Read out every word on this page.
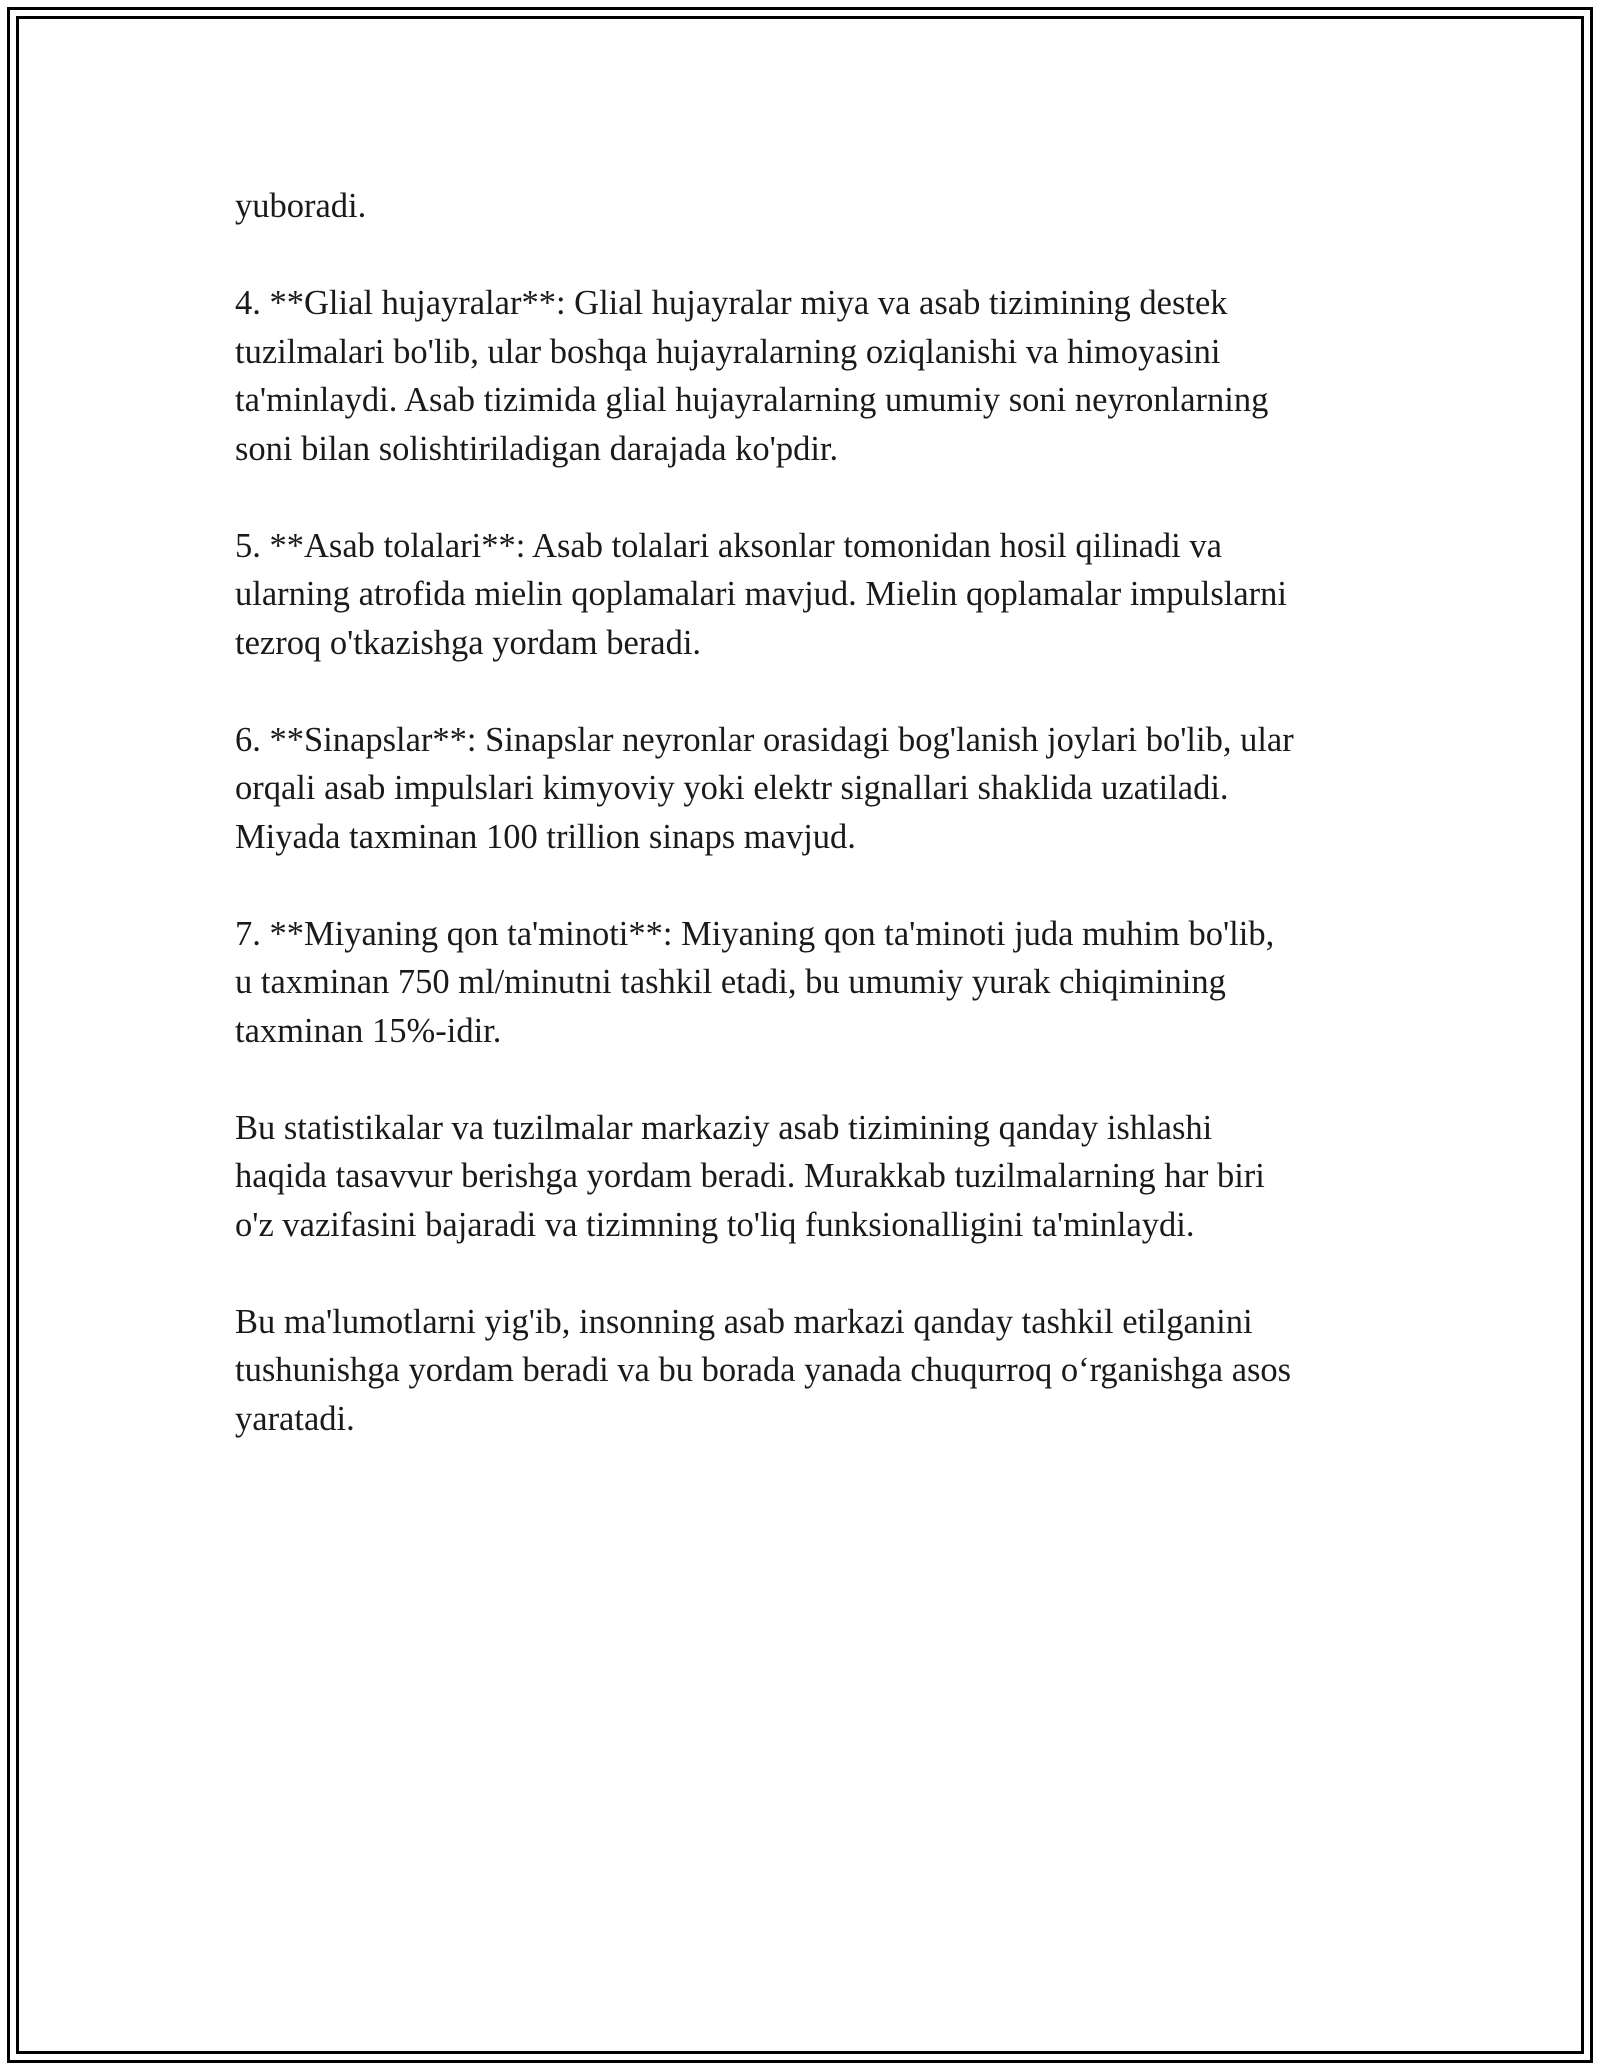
yuboradi.

4. **Glial hujayralar**: Glial hujayralar miya va asab tizimining destek
tuzilmalari bo'lib, ular boshqa hujayralarning oziqlanishi va himoyasini
ta'minlaydi. Asab tizimida glial hujayralarning umumiy soni neyronlarning
soni bilan solishtiriladigan darajada ko'pdir.

5. **Asab tolalari**: Asab tolalari aksonlar tomonidan hosil qilinadi va
ularning atrofida mielin qoplamalari mavjud. Mielin qoplamalar impulslarni
tezroq o'tkazishga yordam beradi.

6. **Sinapslar**: Sinapslar neyronlar orasidagi bog'lanish joylari bo'lib, ular
orqali asab impulslari kimyoviy yoki elektr signallari shaklida uzatiladi.
Miyada taxminan 100 trillion sinaps mavjud.

7. **Miyaning qon ta'minoti**: Miyaning qon ta'minoti juda muhim bo'lib,
u taxminan 750 ml/minutni tashkil etadi, bu umumiy yurak chiqimining
taxminan 15%-idir.

Bu statistikalar va tuzilmalar markaziy asab tizimining qanday ishlashi
haqida tasavvur berishga yordam beradi. Murakkab tuzilmalarning har biri
o'z vazifasini bajaradi va tizimning to'liq funksionalligini ta'minlaydi.

Bu ma'lumotlarni yig'ib, insonning asab markazi qanday tashkil etilganini
tushunishga yordam beradi va bu borada yanada chuqurroq o‘rganishga asos
yaratadi.
